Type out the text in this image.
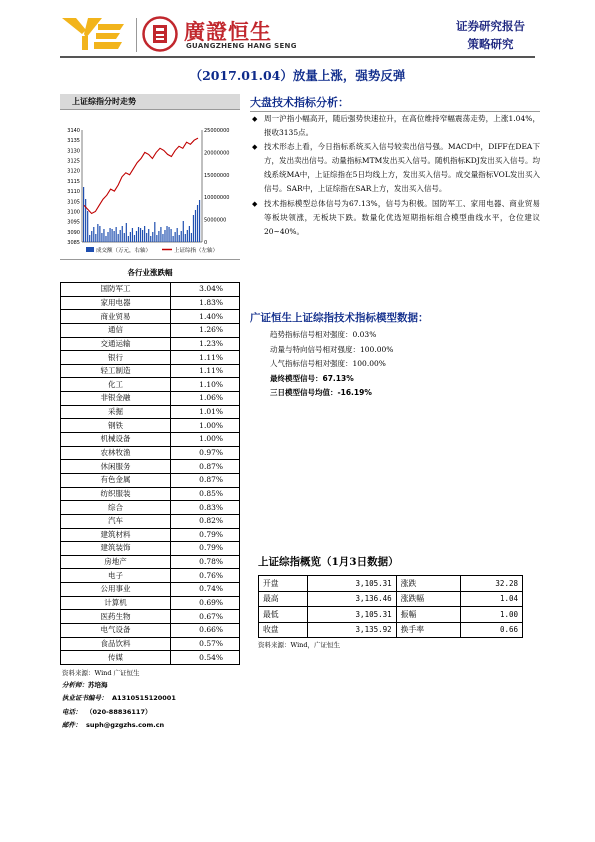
廣證恒生
GUANGZHENG HANG SENG
证券研究报告
策略研究
（2017.01.04）放量上涨，强势反弹
上证综指分时走势
3140
3135
3130
3125
3120
3115
3110
3105
3100
3095
3090
3085
25000000
20000000
15000000
10000000
5000000
0
成交额（万元，右轴）	上证综指（左轴）
各行业涨跌幅
国防军工	3.04%
家用电器	1.83%
商业贸易	1.40%
通信	1.26%
交通运输	1.23%
银行	1.11%
轻工制造	1.11%
化工	1.10%
非银金融	1.06%
采掘	1.01%
钢铁	1.00%
机械设备	1.00%
农林牧渔	0.97%
休闲服务	0.87%
有色金属	0.87%
纺织服装	0.85%
综合	0.83%
汽车	0.82%
建筑材料	0.79%
建筑装饰	0.79%
房地产	0.78%
电子	0.76%
公用事业	0.74%
计算机	0.69%
医药生物	0.67%
电气设备	0.66%
食品饮料	0.57%
传媒	0.54%
资料来源：Wind 广证恒生
分析师：苏培海
执业证书编号： A1310515120001
电话： （020-88836117）
邮件： suph@gzgzhs.com.cn
大盘技术指标分析：
◆ 周一沪指小幅高开，随后强势快速拉升，在高位维持窄幅震荡走势，上涨1.04%，报收3135点。
◆ 技术形态上看，今日指标系统买入信号较卖出信号强。MACD中，DIFF在DEA下方，发出卖出信号。动量指标MTM发出买入信号。随机指标KDJ发出买入信号。均线系统MA中，上证综指在5日均线上方，发出买入信号。成交量指标VOL发出买入信号。SAR中，上证综指在SAR上方，发出买入信号。
◆ 技术指标模型总体信号为67.13%，信号为积极。国防军工、家用电器、商业贸易等板块领涨，无板块下跌。数量化优选短期指标组合模型曲线水平，仓位建议20~40%。
广证恒生上证综指技术指标模型数据：
趋势指标信号相对强度：0.03%
动量与特向信号相对强度：100.00%
人气指标信号相对强度：100.00%
最终模型信号：67.13%
三日模型信号均值：-16.19%
上证综指概览（1月3日数据）
开盘	3,105.31	涨跌	32.28
最高	3,136.46	涨跌幅	1.04
最低	3,105.31	振幅	1.00
收盘	3,135.92	换手率	0.66
资料来源：Wind，广证恒生
